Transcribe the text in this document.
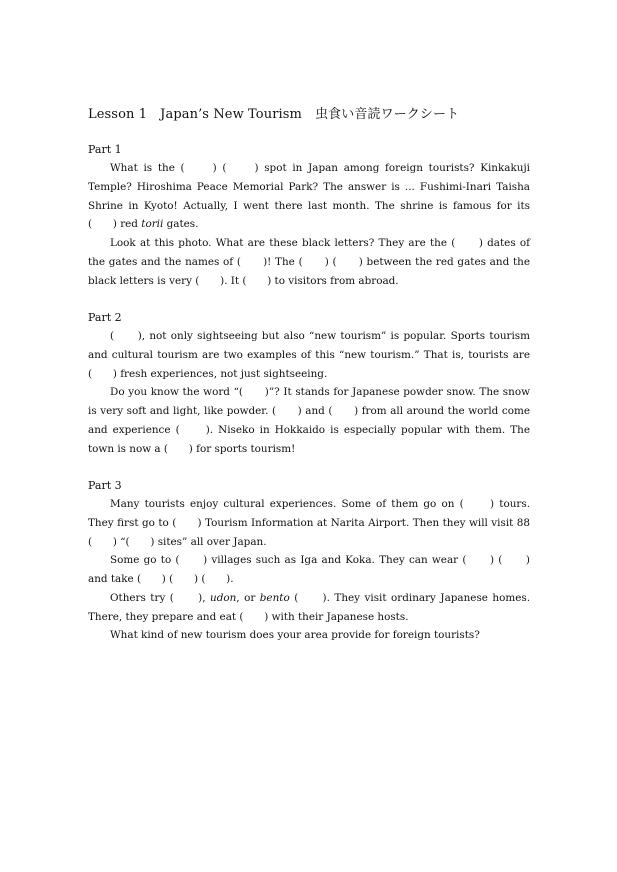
Lesson 1　Japan’s New Tourism　虫食い音読ワークシート
Part 1
What is the (　　) (　　) spot in Japan among foreign tourists? Kinkakuji
Temple? Hiroshima Peace Memorial Park? The answer is ... Fushimi-Inari Taisha
Shrine in Kyoto! Actually, I went there last month. The shrine is famous for its
(　　) red torii gates.
Look at this photo. What are these black letters? They are the (　　) dates of
the gates and the names of (　　)! The (　　) (　　) between the red gates and the
black letters is very (　　). It (　　) to visitors from abroad.
Part 2
(　　), not only sightseeing but also “new tourism” is popular. Sports tourism
and cultural tourism are two examples of this “new tourism.” That is, tourists are
(　　) fresh experiences, not just sightseeing.
Do you know the word “(　　)”? It stands for Japanese powder snow. The snow
is very soft and light, like powder. (　　) and (　　) from all around the world come
and experience (　　). Niseko in Hokkaido is especially popular with them. The
town is now a (　　) for sports tourism!
Part 3
Many tourists enjoy cultural experiences. Some of them go on (　　) tours.
They first go to (　　) Tourism Information at Narita Airport. Then they will visit 88
(　　) “(　　) sites” all over Japan.
Some go to (　　) villages such as Iga and Koka. They can wear (　　) (　　)
and take (　　) (　　) (　　).
Others try (　　), udon, or bento (　　). They visit ordinary Japanese homes.
There, they prepare and eat (　　) with their Japanese hosts.
What kind of new tourism does your area provide for foreign tourists?
